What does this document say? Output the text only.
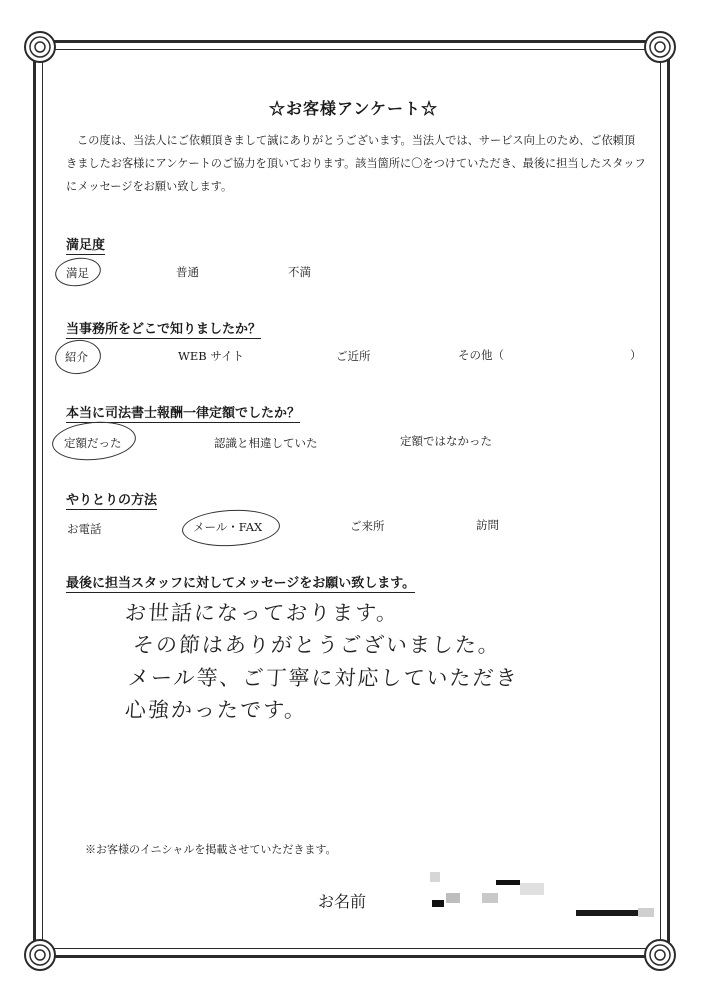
☆お客様アンケート☆
この度は、当法人にご依頼頂きまして誠にありがとうございます。当法人では、サービス向上のため、ご依頼頂きましたお客様にアンケートのご協力を頂いております。該当箇所に〇をつけていただき、最後に担当したスタッフにメッセージをお願い致します。
満足度
満足	普通	不満
当事務所をどこで知りましたか？
紹介	WEB サイト	ご近所	その他（	）
本当に司法書士報酬一律定額でしたか？
定額だった	認識と相違していた	定額ではなかった
やりとりの方法
お電話	メール・FAX	ご来所	訪問
最後に担当スタッフに対してメッセージをお願い致します。
お世話になっております。
その節はありがとうございました。
メール等、ご丁寧に対応していただき
心強かったです。
※お客様のイニシャルを掲載させていただきます。
お名前
